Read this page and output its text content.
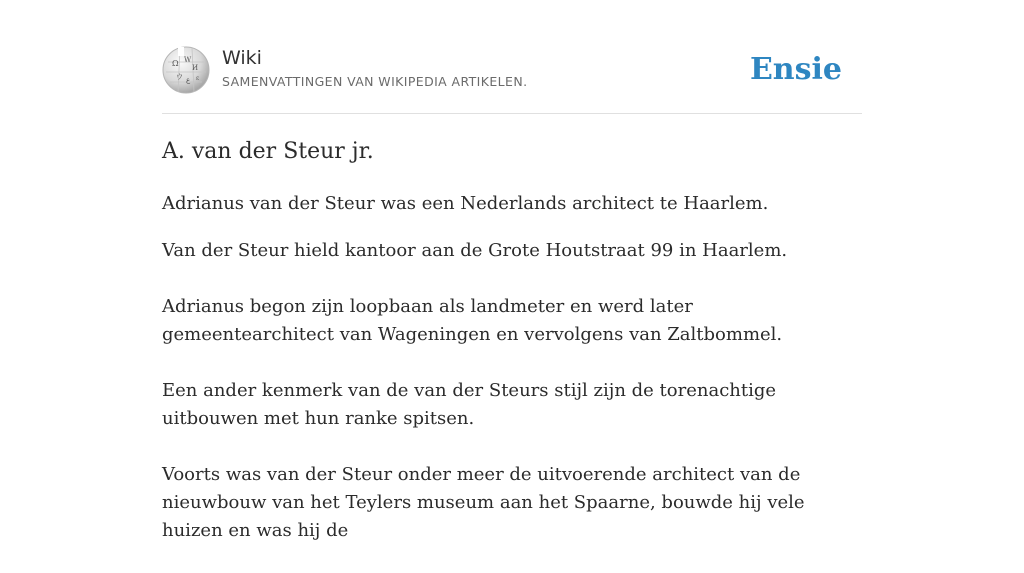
Ω W
И
ウ ع ε
Wiki
SAMENVATTINGEN VAN WIKIPEDIA ARTIKELEN.	Ensie
A. van der Steur jr.

Adrianus van der Steur was een Nederlands architect te Haarlem.

Van der Steur hield kantoor aan de Grote Houtstraat 99 in Haarlem.

Adrianus begon zijn loopbaan als landmeter en werd later gemeentearchitect van Wageningen en vervolgens van Zaltbommel.

Een ander kenmerk van de van der Steurs stijl zijn de torenachtige uitbouwen met hun ranke spitsen.

Voorts was van der Steur onder meer de uitvoerende architect van de nieuwbouw van het Teylers museum aan het Spaarne, bouwde hij vele huizen en was hij de
